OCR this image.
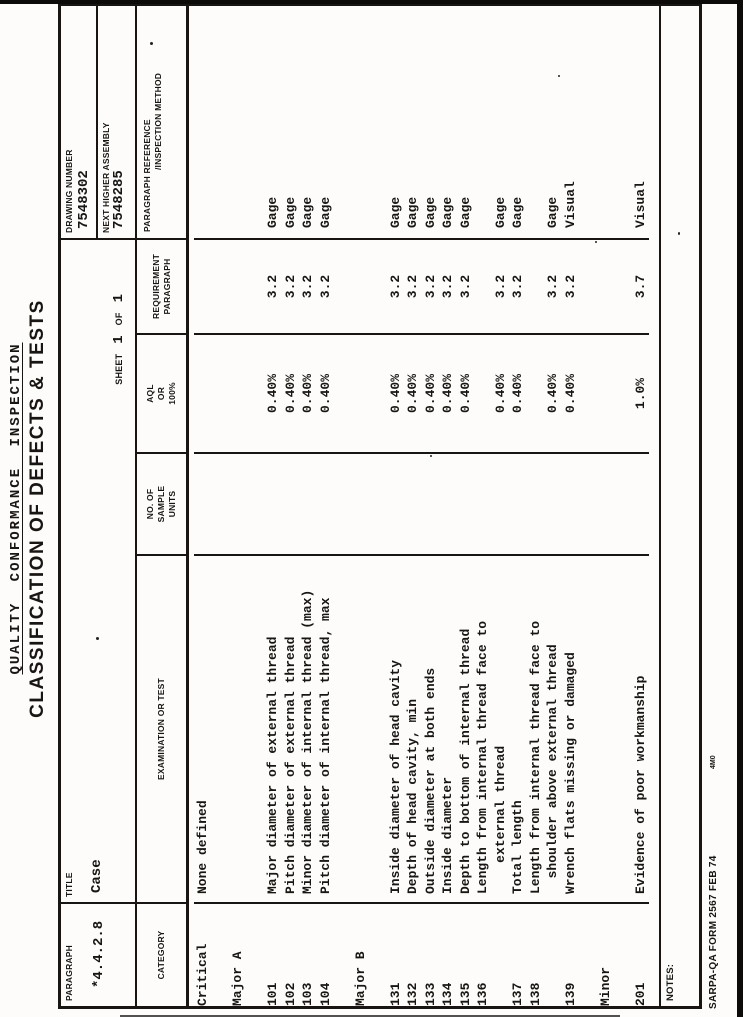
QUALITY CONFORMANCE INSPECTION CLASSIFICATION OF DEFECTS & TESTS
PARAGRAPH *4.4.2.8
TITLE Case
SHEET 1 OF 1
DRAWING NUMBER 7548302 NEXT HIGHER ASSEMBLY 7548285
CATEGORY
EXAMINATION OR TEST
NO. OF SAMPLE UNITS
AQL OR 100%
REQUIREMENT PARAGRAPH
PARAGRAPH REFERENCE /INSPECTION METHOD
Critical
None defined
Major A 101
Major diameter of external thread
0.40%
3.2
Gage
102
Pitch diameter of external thread
0.40%
3.2
Gage
103
Minor diameter of internal thread (max)
0.40%
3.2
Gage
104
Pitch diameter of internal thread, max
0.40%
3.2
Gage
Major B 131
Inside diameter of head cavity
0.40%
3.2
Gage
132
Depth of head cavity, min
0.40%
3.2
Gage
133
Outside diameter at both ends
0.40%
3.2
Gage
134
Inside diameter
0.40%
3.2
Gage
135
Depth to bottom of internal thread
0.40%
3.2
Gage
136
Length from internal thread face to external thread
0.40%
3.2
Gage
137
Total length
0.40%
3.2
Gage
138
Length from internal thread face to shoulder above external thread
0.40%
3.2
Gage
139
Wrench flats missing or damaged
0.40%
3.2
Visual
Minor 201
Evidence of poor workmanship
1.0%
3.7
Visual
NOTES:	SARPA-QA FORM 2567 FEB 74
4M0
